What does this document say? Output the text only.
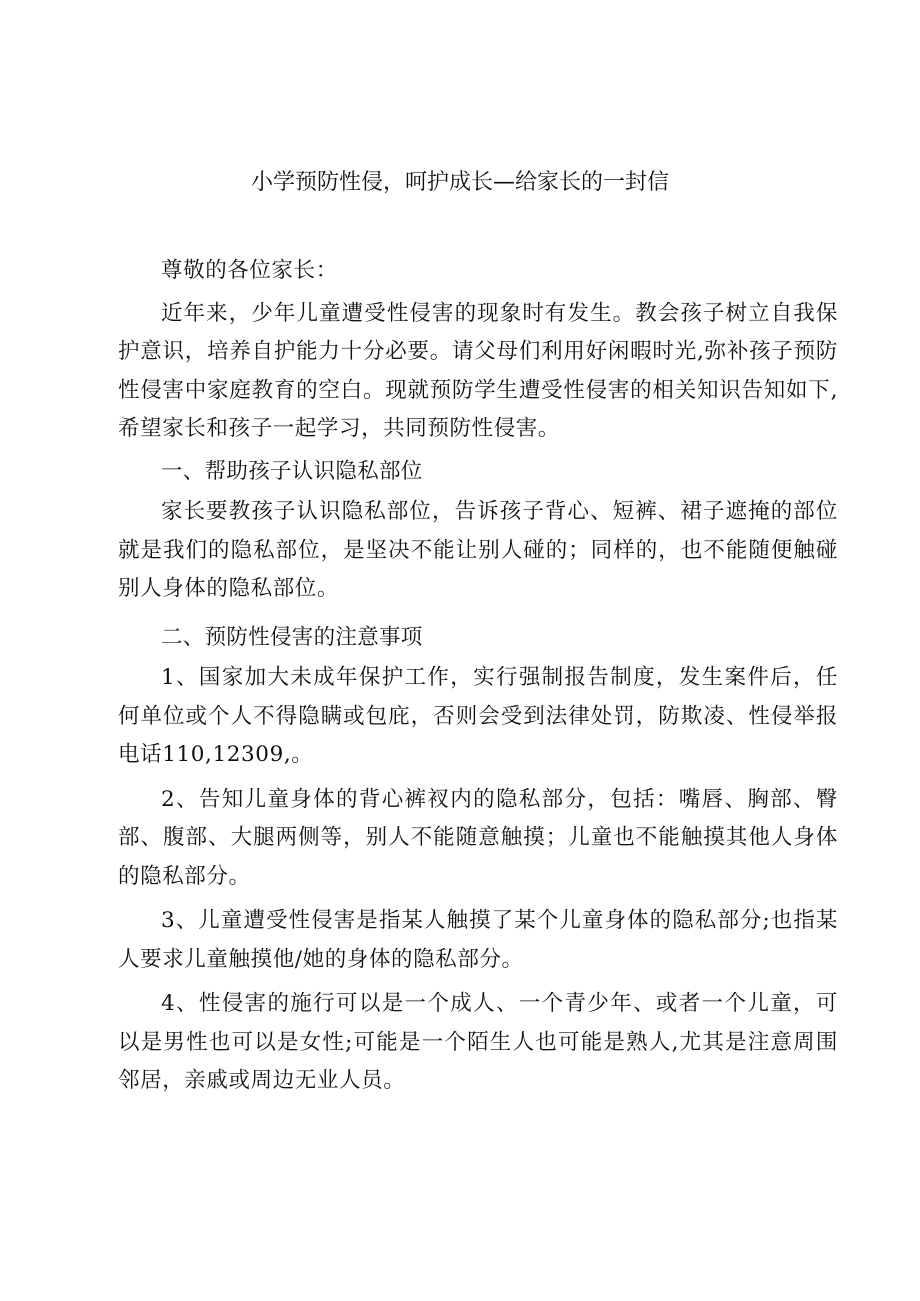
小学预防性侵，呵护成长—给家长的一封信

尊敬的各位家长：

近年来，少年儿童遭受性侵害的现象时有发生。教会孩子树立自我保护意识，培养自护能力十分必要。请父母们利用好闲暇时光,弥补孩子预防性侵害中家庭教育的空白。现就预防学生遭受性侵害的相关知识告知如下,希望家长和孩子一起学习，共同预防性侵害。

一、帮助孩子认识隐私部位

家长要教孩子认识隐私部位，告诉孩子背心、短裤、裙子遮掩的部位就是我们的隐私部位，是坚决不能让别人碰的；同样的，也不能随便触碰别人身体的隐私部位。

二、预防性侵害的注意事项

1、国家加大未成年保护工作，实行强制报告制度，发生案件后，任何单位或个人不得隐瞒或包庇，否则会受到法律处罚，防欺凌、性侵举报电话110,12309,。

2、告知儿童身体的背心裤衩内的隐私部分，包括：嘴唇、胸部、臀部、腹部、大腿两侧等，别人不能随意触摸；儿童也不能触摸其他人身体的隐私部分。

3、儿童遭受性侵害是指某人触摸了某个儿童身体的隐私部分;也指某人要求儿童触摸他/她的身体的隐私部分。

4、性侵害的施行可以是一个成人、一个青少年、或者一个儿童，可以是男性也可以是女性;可能是一个陌生人也可能是熟人,尤其是注意周围邻居，亲戚或周边无业人员。
